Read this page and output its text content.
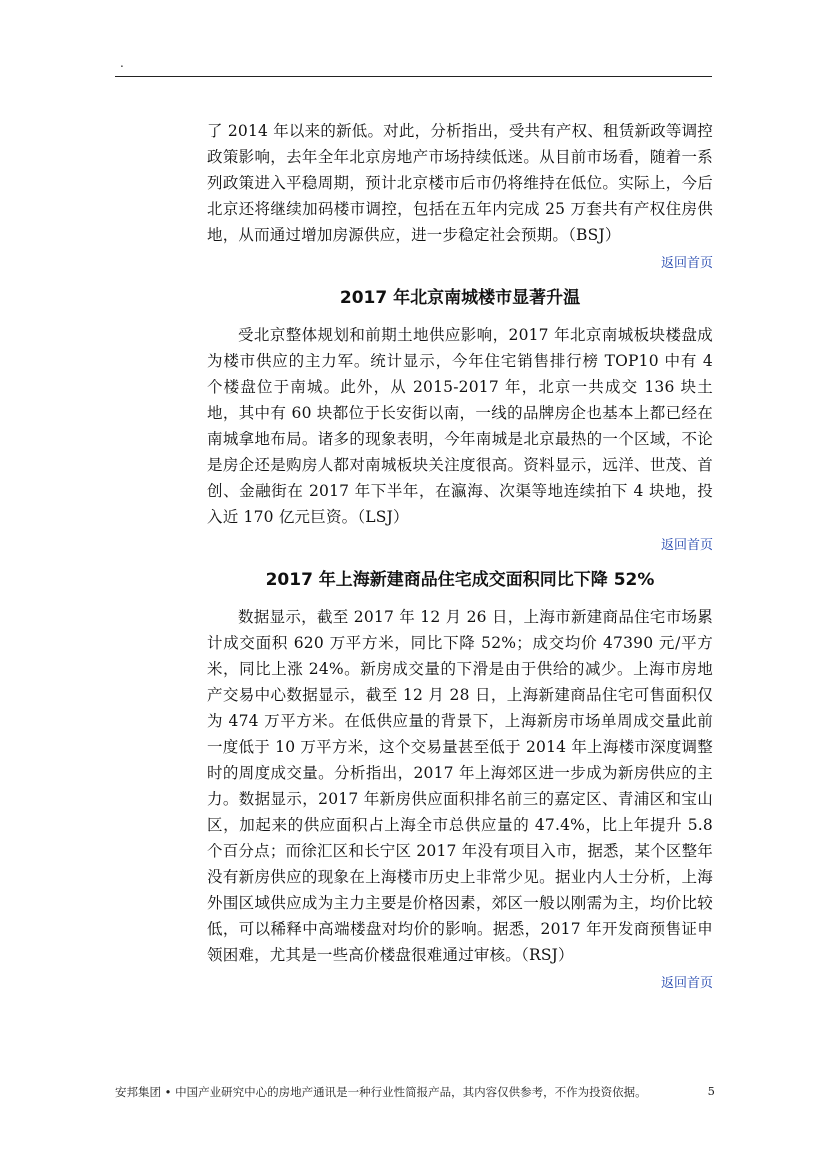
.

了 2014 年以来的新低。对此，分析指出，受共有产权、租赁新政等调控政策影响，去年全年北京房地产市场持续低迷。从目前市场看，随着一系列政策进入平稳周期，预计北京楼市后市仍将维持在低位。实际上，今后北京还将继续加码楼市调控，包括在五年内完成 25 万套共有产权住房供地，从而通过增加房源供应，进一步稳定社会预期。（BSJ）

返回首页
2017 年北京南城楼市显著升温

受北京整体规划和前期土地供应影响，2017 年北京南城板块楼盘成为楼市供应的主力军。统计显示，今年住宅销售排行榜 TOP10 中有 4 个楼盘位于南城。此外，从 2015-2017 年，北京一共成交 136 块土地，其中有 60 块都位于长安街以南，一线的品牌房企也基本上都已经在南城拿地布局。诸多的现象表明，今年南城是北京最热的一个区域，不论是房企还是购房人都对南城板块关注度很高。资料显示，远洋、世茂、首创、金融街在 2017 年下半年，在瀛海、次渠等地连续拍下 4 块地，投入近 170 亿元巨资。（LSJ）

返回首页
2017 年上海新建商品住宅成交面积同比下降 52%

数据显示，截至 2017 年 12 月 26 日，上海市新建商品住宅市场累计成交面积 620 万平方米，同比下降 52%；成交均价 47390 元/平方米，同比上涨 24%。新房成交量的下滑是由于供给的减少。上海市房地产交易中心数据显示，截至 12 月 28 日，上海新建商品住宅可售面积仅为 474 万平方米。在低供应量的背景下，上海新房市场单周成交量此前一度低于 10 万平方米，这个交易量甚至低于 2014 年上海楼市深度调整时的周度成交量。分析指出，2017 年上海郊区进一步成为新房供应的主力。数据显示，2017 年新房供应面积排名前三的嘉定区、青浦区和宝山区，加起来的供应面积占上海全市总供应量的 47.4%，比上年提升 5.8 个百分点；而徐汇区和长宁区 2017 年没有项目入市，据悉，某个区整年没有新房供应的现象在上海楼市历史上非常少见。据业内人士分析，上海外围区域供应成为主力主要是价格因素，郊区一般以刚需为主，均价比较低，可以稀释中高端楼盘对均价的影响。据悉，2017 年开发商预售证申领困难，尤其是一些高价楼盘很难通过审核。（RSJ）

返回首页
安邦集团 • 中国产业研究中心的房地产通讯是一种行业性简报产品，其内容仅供参考，不作为投资依据。	5
